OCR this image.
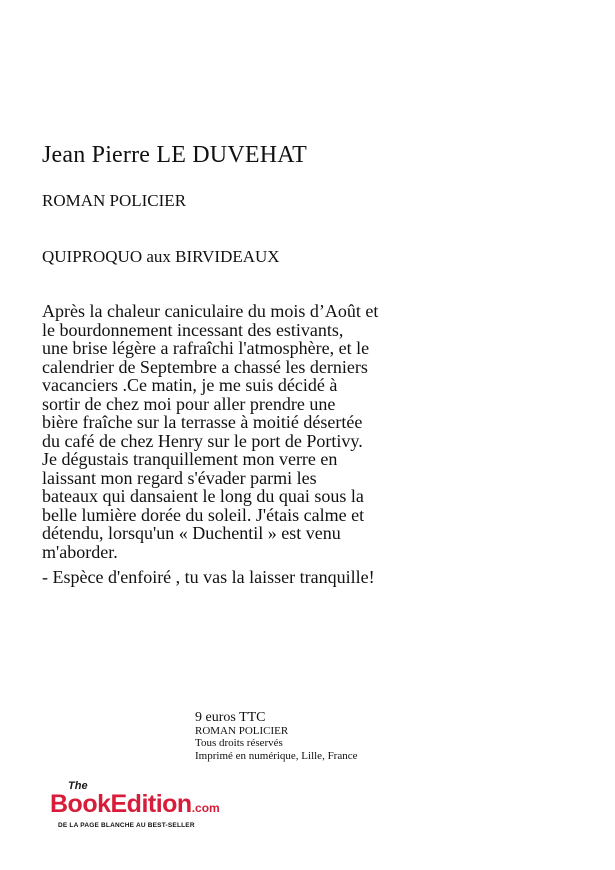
Jean Pierre LE DUVEHAT
ROMAN POLICIER
QUIPROQUO aux BIRVIDEAUX
Après la chaleur caniculaire du mois d’Août et
le bourdonnement incessant des estivants,
une brise légère a rafraîchi l'atmosphère, et le
calendrier de Septembre a chassé les derniers
vacanciers .Ce matin, je me suis décidé à
sortir de chez moi pour aller prendre une
bière fraîche sur la terrasse à moitié désertée
du café de chez Henry sur le port de Portivy.
Je dégustais tranquillement mon verre en
laissant mon regard s'évader parmi les
bateaux qui dansaient le long du quai sous la
belle lumière dorée du soleil. J'étais calme et
détendu, lorsqu'un « Duchentil » est venu
m'aborder.
- Espèce d'enfoiré , tu vas la laisser tranquille!
9 euros TTC
ROMAN POLICIER
Tous droits réservés
Imprimé en numérique, Lille, France
The
BookEdition.com
DE LA PAGE BLANCHE AU BEST-SELLER
